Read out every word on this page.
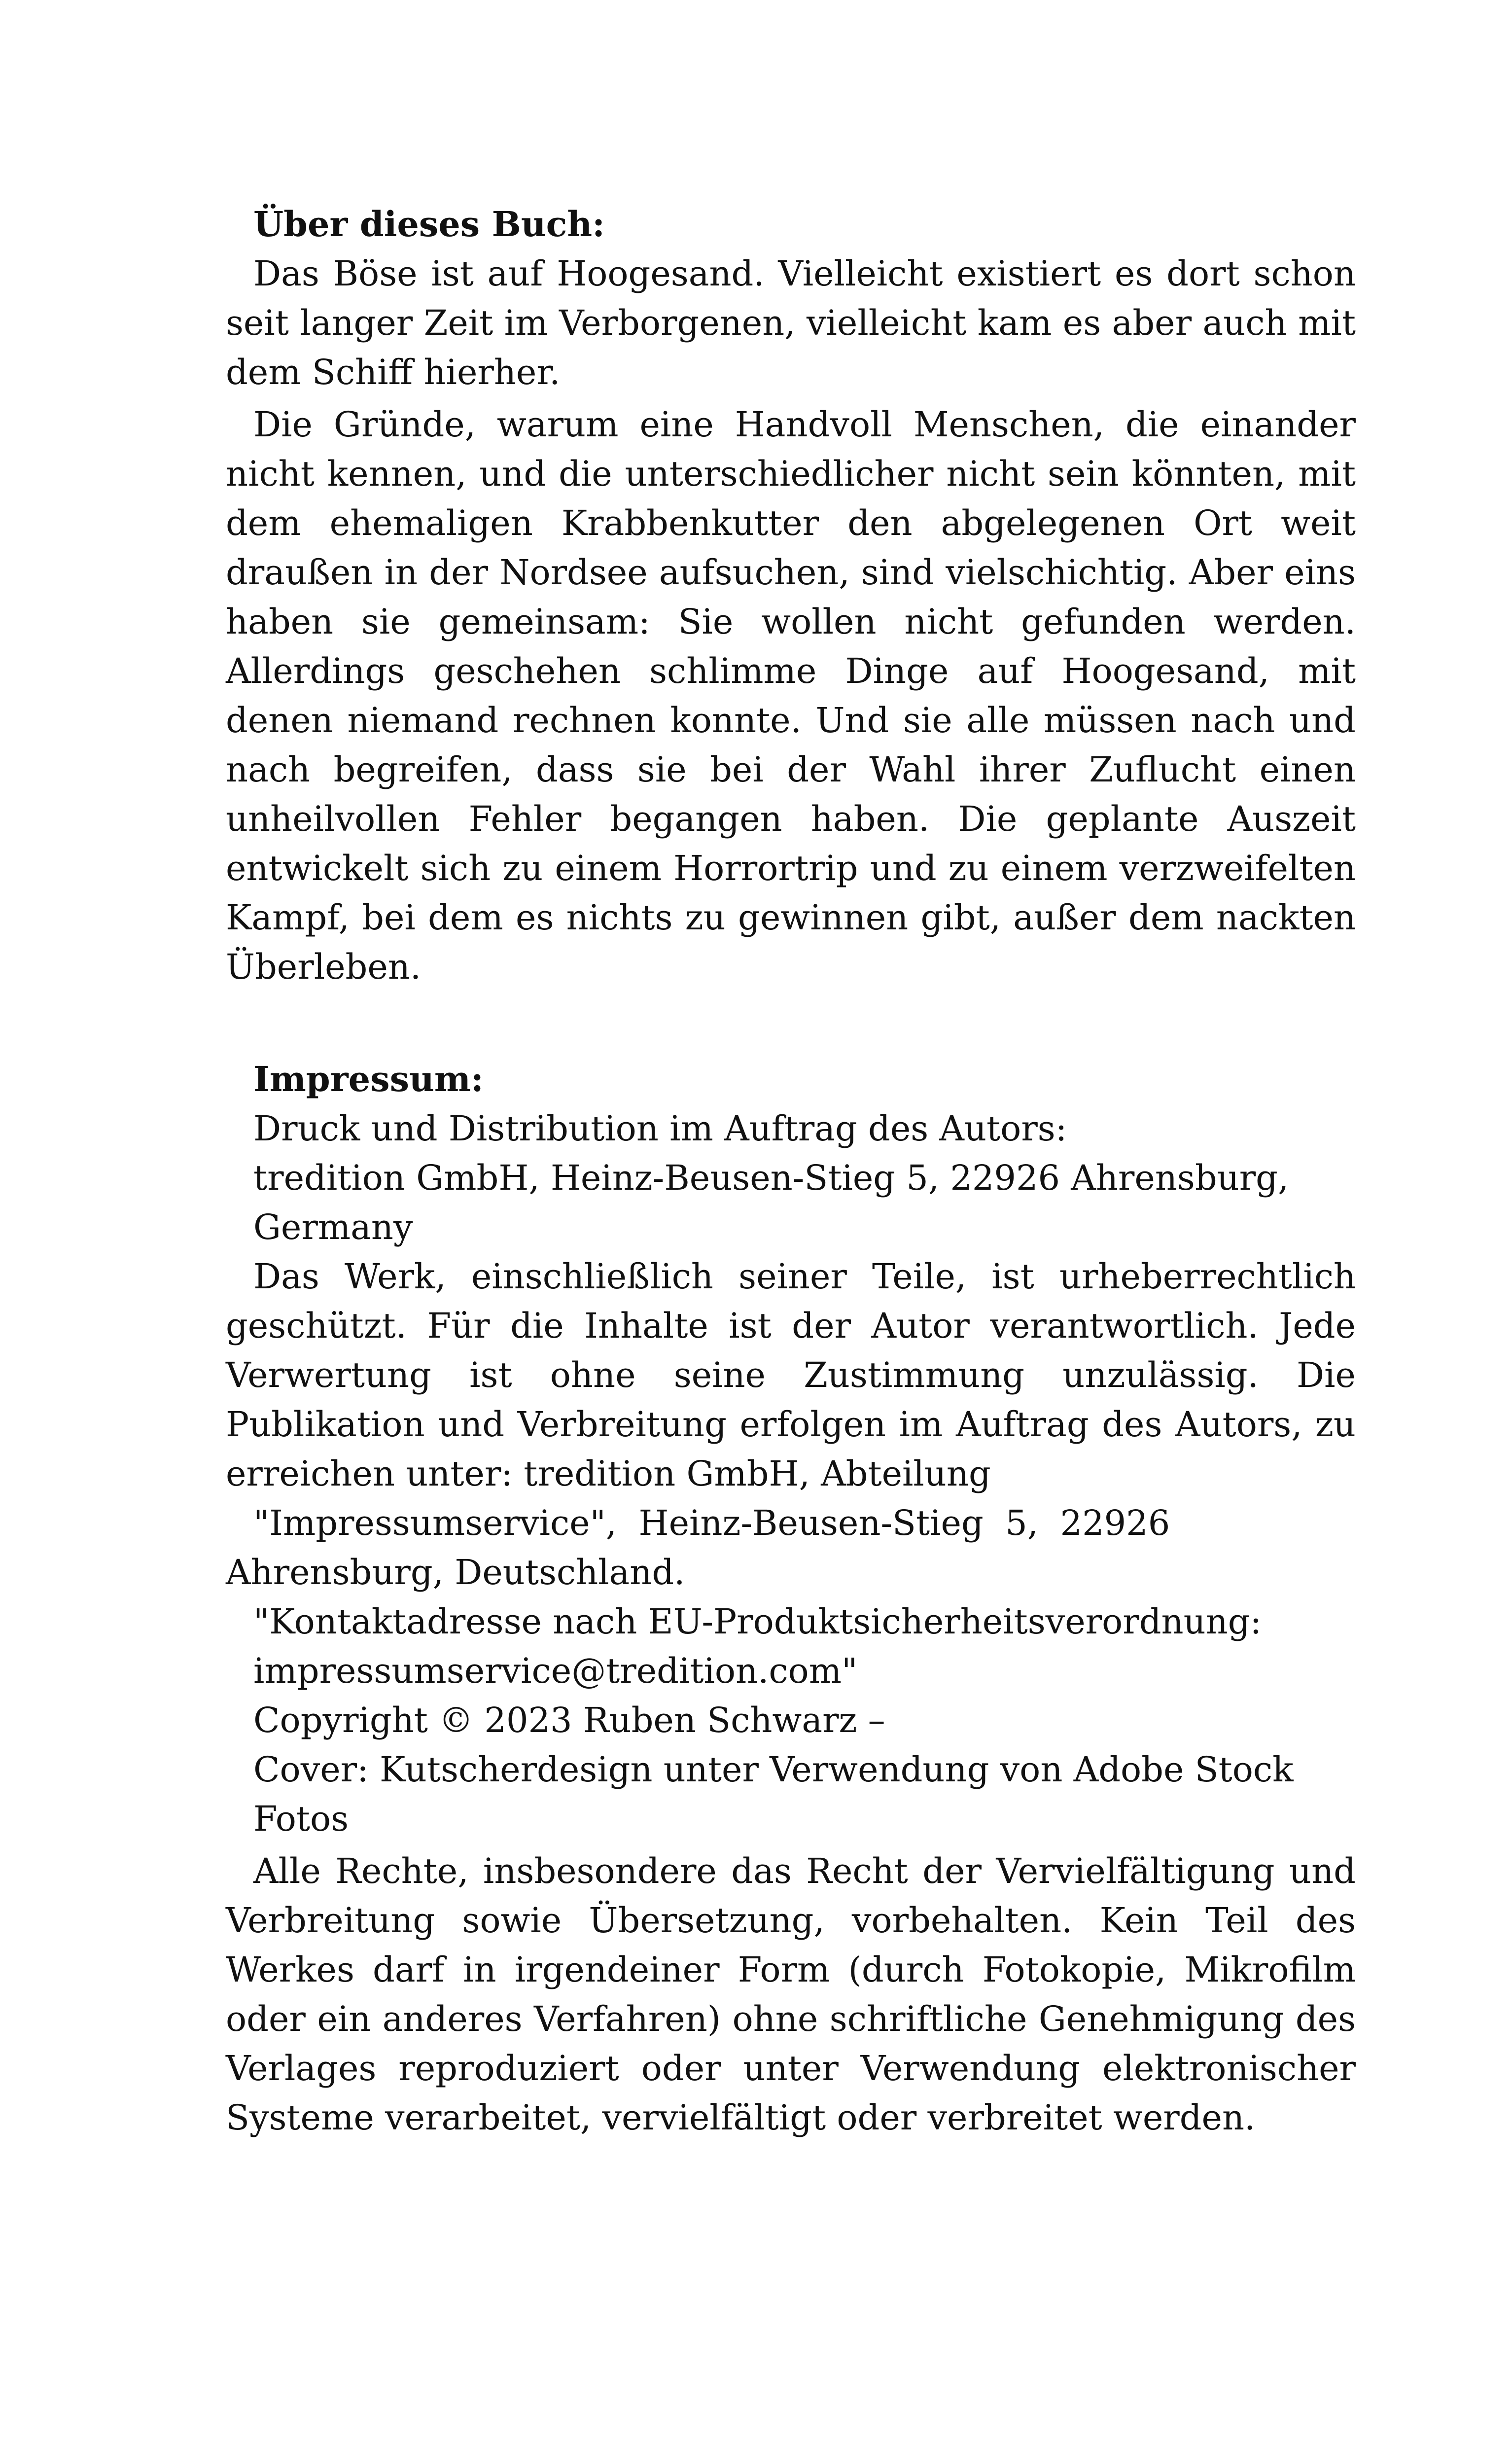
Über dieses Buch:

Das Böse ist auf Hoogesand. Vielleicht existiert es dort schon seit langer Zeit im Verborgenen, vielleicht kam es aber auch mit dem Schiff hierher.

Die Gründe, warum eine Handvoll Menschen, die einander nicht kennen, und die unterschiedlicher nicht sein könnten, mit dem ehemaligen Krabbenkutter den abgelegenen Ort weit draußen in der Nordsee aufsuchen, sind vielschichtig. Aber eins haben sie gemeinsam: Sie wollen nicht gefunden werden. Allerdings geschehen schlimme Dinge auf Hoogesand, mit denen niemand rechnen konnte. Und sie alle müssen nach und nach begreifen, dass sie bei der Wahl ihrer Zuflucht einen unheilvollen Fehler begangen haben. Die geplante Auszeit entwickelt sich zu einem Horrortrip und zu einem verzweifelten Kampf, bei dem es nichts zu gewinnen gibt, außer dem nackten Überleben.

Impressum:

Druck und Distribution im Auftrag des Autors:

tredition GmbH, Heinz-Beusen-Stieg 5, 22926 Ahrensburg,

Germany

Das Werk, einschließlich seiner Teile, ist urheberrechtlich geschützt. Für die Inhalte ist der Autor verantwortlich. Jede Verwertung ist ohne seine Zustimmung unzulässig. Die Publikation und Verbreitung erfolgen im Auftrag des Autors, zu erreichen unter: tredition GmbH, Abteilung

"Impressumservice",  Heinz-Beusen-Stieg  5,  22926

Ahrensburg, Deutschland.

"Kontaktadresse nach EU-Produktsicherheitsverordnung:

impressumservice@tredition.com"

Copyright © 2023 Ruben Schwarz –

Cover: Kutscherdesign unter Verwendung von Adobe Stock

Fotos

Alle Rechte, insbesondere das Recht der Vervielfältigung und Verbreitung sowie Übersetzung, vorbehalten. Kein Teil des Werkes darf in irgendeiner Form (durch Fotokopie, Mikrofilm oder ein anderes Verfahren) ohne schriftliche Genehmigung des Verlages reproduziert oder unter Verwendung elektronischer Systeme verarbeitet, vervielfältigt oder verbreitet werden.
